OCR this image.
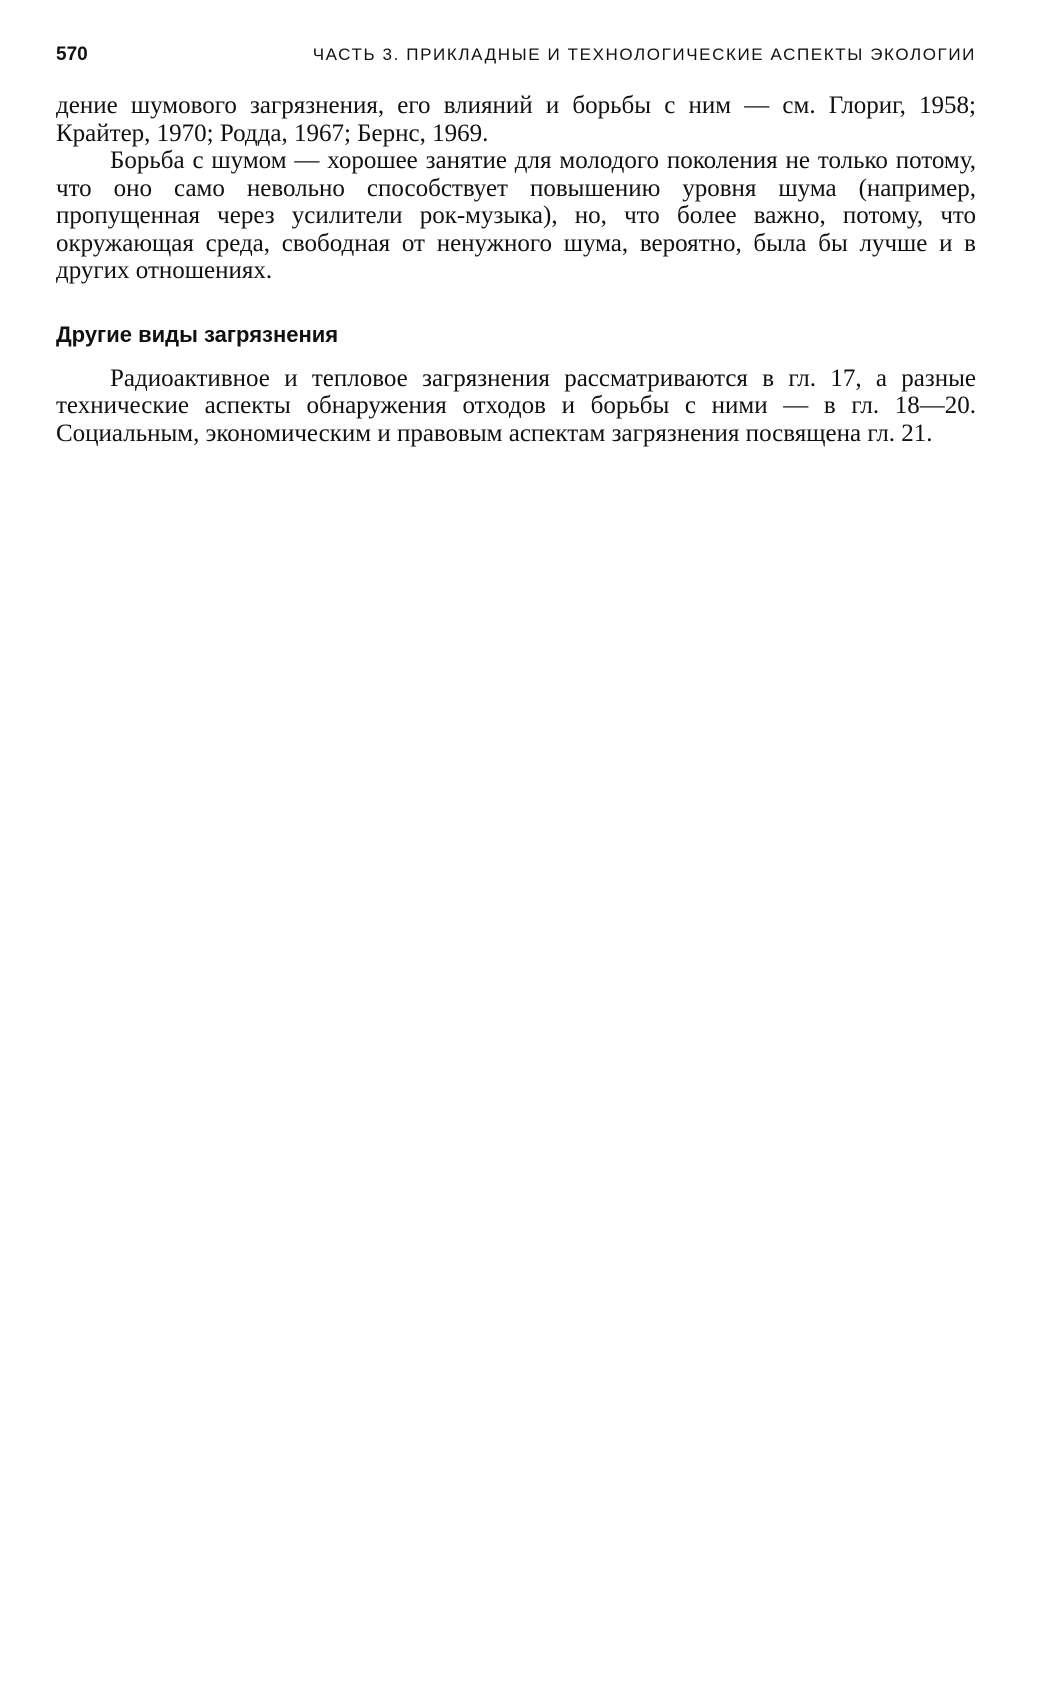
570	ЧАСТЬ 3. ПРИКЛАДНЫЕ И ТЕХНОЛОГИЧЕСКИЕ АСПЕКТЫ ЭКОЛОГИИ

дение шумового загрязнения, его влияний и борьбы с ним — см. Глориг, 1958; Крайтер, 1970; Родда, 1967; Бернс, 1969.

Борьба с шумом — хорошее занятие для молодого поколения не только потому, что оно само невольно способствует повышению уровня шума (например, пропущенная через усилители рок-музыка), но, что более важно, потому, что окружающая среда, свободная от ненужного шума, вероятно, была бы лучше и в других отношениях.

Другие виды загрязнения

Радиоактивное и тепловое загрязнения рассматриваются в гл. 17, а разные технические аспекты обнаружения отходов и борьбы с ними — в гл. 18—20. Социальным, экономическим и правовым аспектам загрязнения посвящена гл. 21.
